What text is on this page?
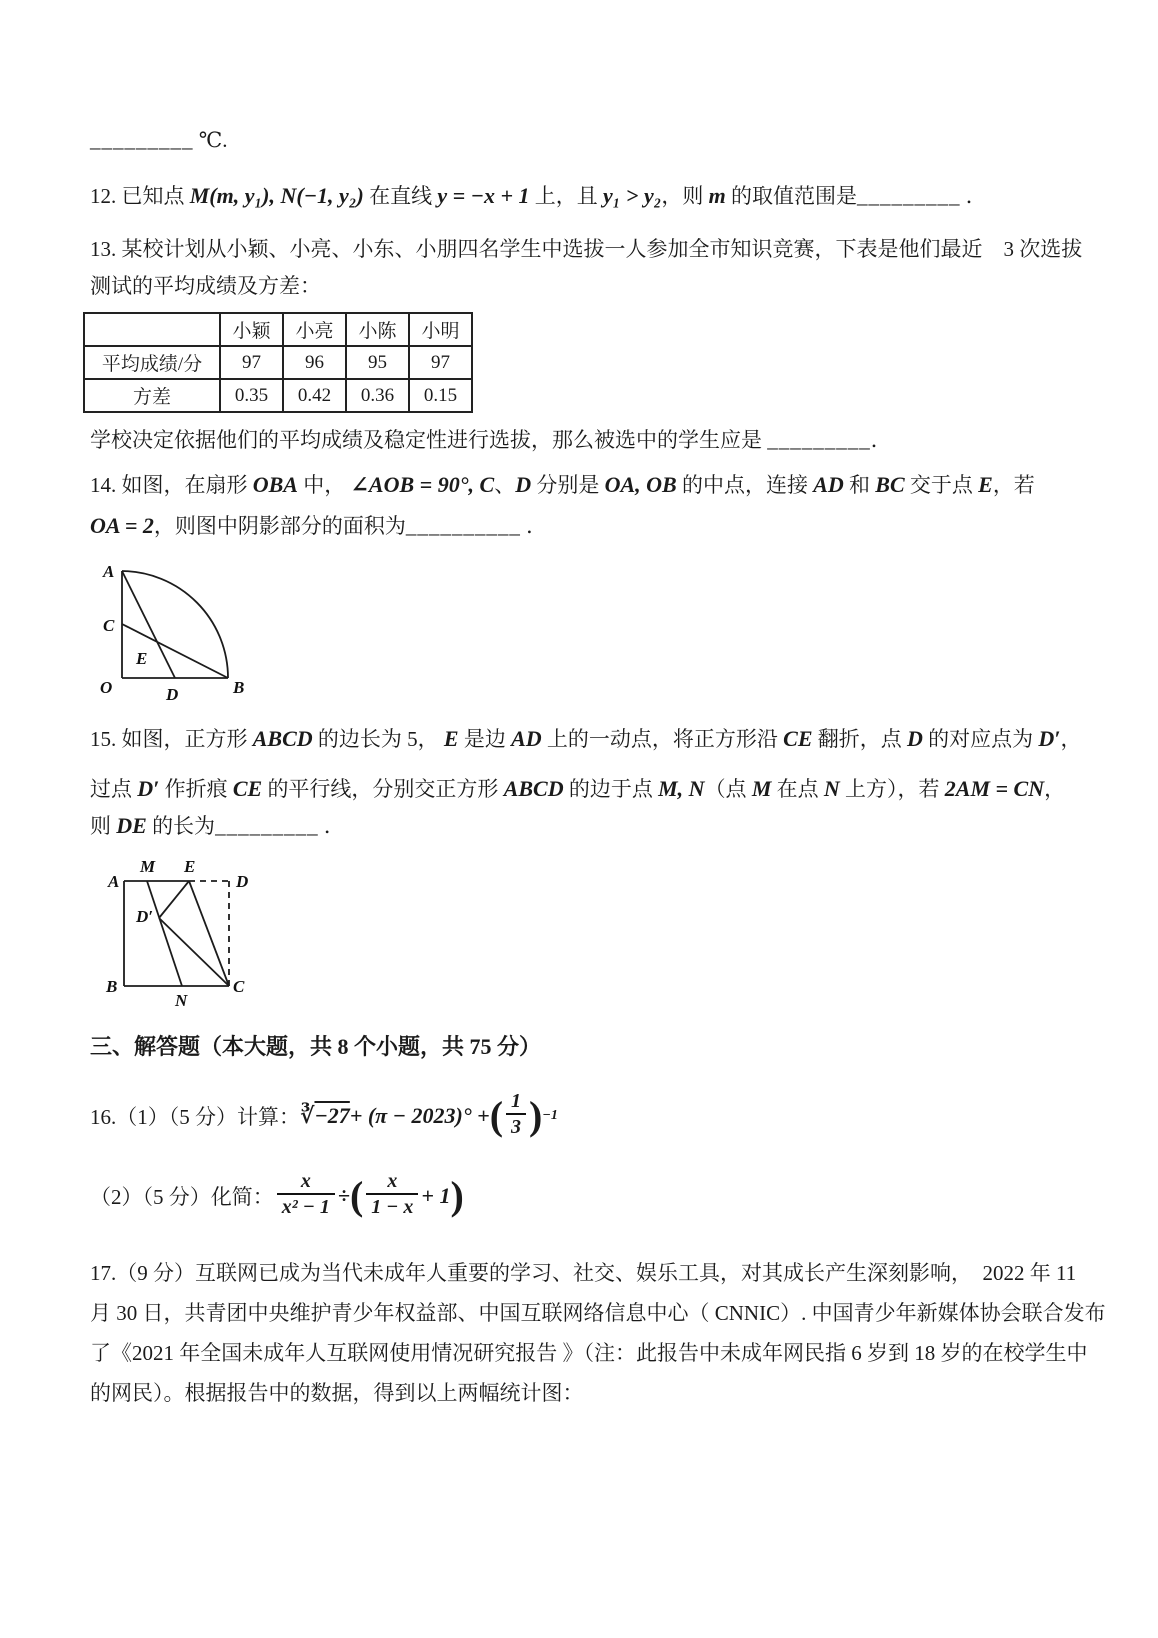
_________ ℃.
12. 已知点 M(m, y₁), N(−1, y₂) 在直线 y = −x + 1 上，且 y₁ > y₂，则 m 的取值范围是_________ ．
13. 某校计划从小颖、小亮、小东、小朋四名学生中选拔一人参加全市知识竞赛，下表是他们最近　3 次选拔
测试的平均成绩及方差：
	小颖	小亮	小陈	小明
平均成绩/分	97	96	95	97
方差	0.35	0.42	0.36	0.15
学校决定依据他们的平均成绩及稳定性进行选拔，那么被选中的学生应是 _________．
14. 如图，在扇形 OBA 中， ∠AOB = 90°, C、D 分别是 OA, OB 的中点，连接 AD 和 BC 交于点 E，若
OA = 2，则图中阴影部分的面积为__________ ．
A
C
E
O	D	B
15. 如图，正方形 ABCD 的边长为 5， E 是边 AD 上的一动点，将正方形沿 CE 翻折，点 D 的对应点为 D′，
过点 D′ 作折痕 CE 的平行线，分别交正方形 ABCD 的边于点 M, N（点 M 在点 N 上方），若 2AM = CN，
则 DE 的长为_________ ．
A
M E
D
D′
B
N
C
三、解答题（本大题，共 8 个小题，共 75 分）
16.（1）（5 分）计算： ∛ −27 + (π − 2023)° + ( $\frac{1}{3}$ ) −1
（2）（5 分）化简： $\frac{x}{\text{x² − 1}}$ ÷ ( $\frac{x}{1 - x} + 1$ )
17.（9 分）互联网已成为当代未成年人重要的学习、社交、娱乐工具，对其成长产生深刻影响，　2022 年 11
月 30 日，共青团中央维护青少年权益部、中国互联网络信息中心（ CNNIC）. 中国青少年新媒体协会联合发布
了《2021 年全国未成年人互联网使用情况研究报告 》（注：此报告中未成年网民指 6 岁到 18 岁的在校学生中
的网民）。根据报告中的数据，得到以上两幅统计图：
